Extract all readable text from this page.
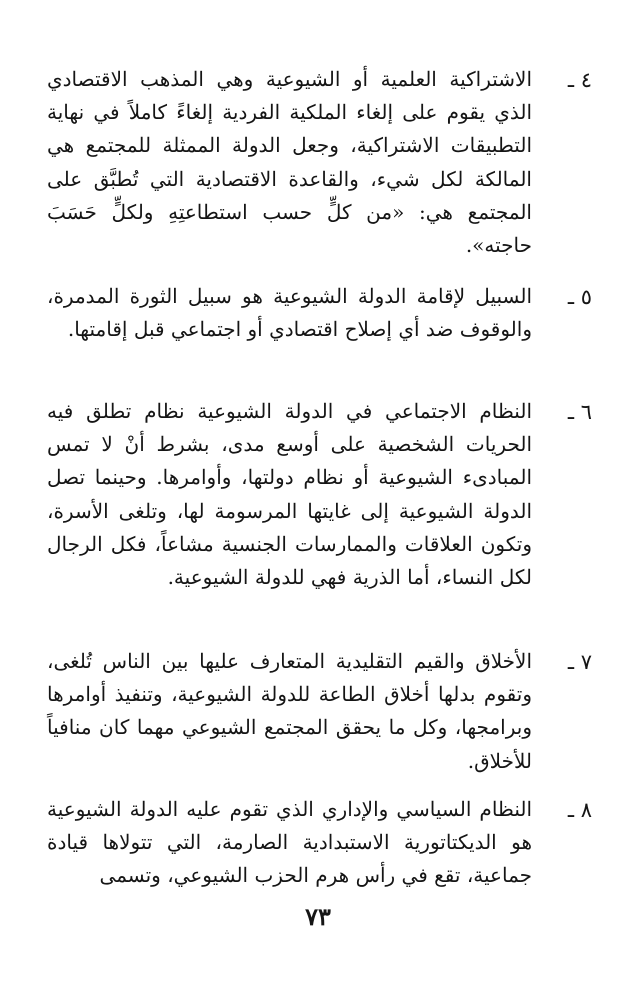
٤ ـ
الاشتراكية العلمية أو الشيوعية وهي المذهب الاقتصادي الذي يقوم على إلغاء الملكية الفردية إلغاءً كاملاً في نهاية التطبيقات الاشتراكية، وجعل الدولة الممثلة للمجتمع هي المالكة لكل شيء، والقاعدة الاقتصادية التي تُطبَّق على المجتمع هي: «من كلٍّ حسب استطاعتِهِ ولكلٍّ حَسَبَ حاجته».
٥ ـ
السبيل لإقامة الدولة الشيوعية هو سبيل الثورة المدمرة، والوقوف ضد أي إصلاح اقتصادي أو اجتماعي قبل إقامتها.
٦ ـ
النظام الاجتماعي في الدولة الشيوعية نظام تطلق فيه الحريات الشخصية على أوسع مدى، بشرط أنْ لا تمس المبادىء الشيوعية أو نظام دولتها، وأوامرها. وحينما تصل الدولة الشيوعية إلى غايتها المرسومة لها، وتلغى الأسرة، وتكون العلاقات والممارسات الجنسية مشاعاً، فكل الرجال لكل النساء، أما الذرية فهي للدولة الشيوعية.
٧ ـ
الأخلاق والقيم التقليدية المتعارف عليها بين الناس تُلغى، وتقوم بدلها أخلاق الطاعة للدولة الشيوعية، وتنفيذ أوامرها وبرامجها، وكل ما يحقق المجتمع الشيوعي مهما كان منافياً للأخلاق.
٨ ـ
النظام السياسي والإداري الذي تقوم عليه الدولة الشيوعية هو الديكتاتورية الاستبدادية الصارمة، التي تتولاها قيادة جماعية، تقع في رأس هرم الحزب الشيوعي، وتسمى
٧٣
